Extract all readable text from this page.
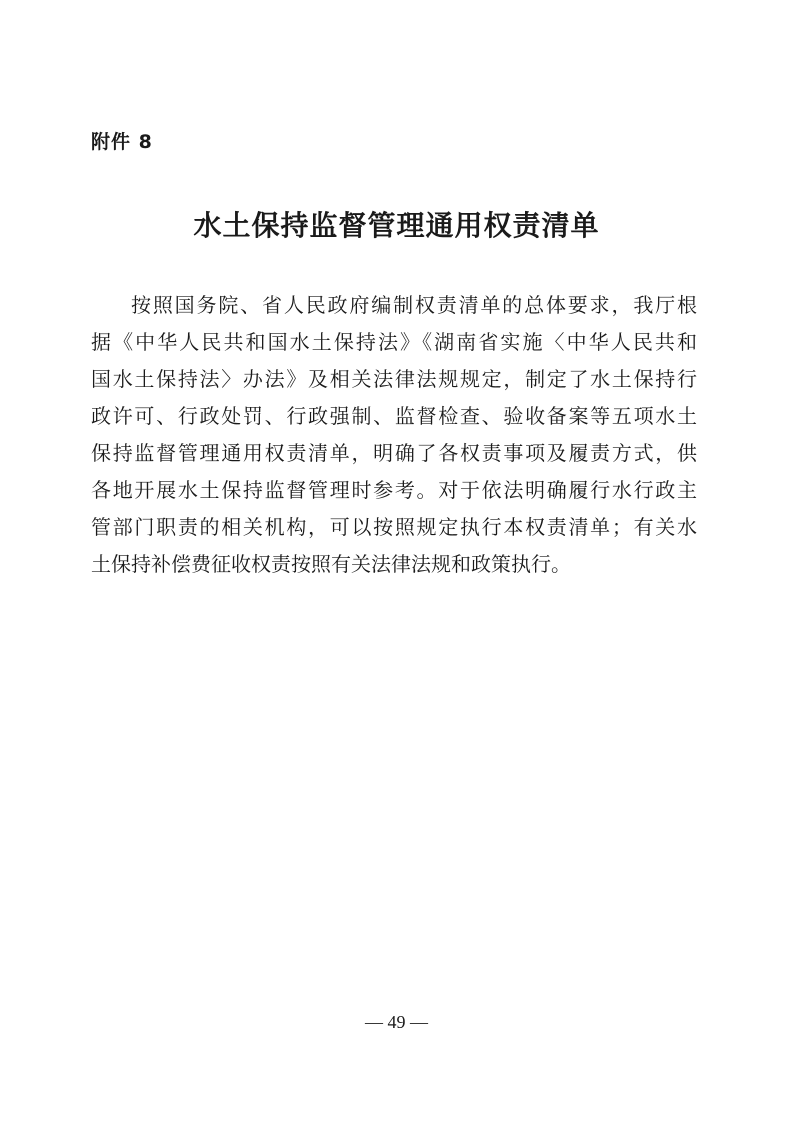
附件 8
水土保持监督管理通用权责清单
按照国务院、省人民政府编制权责清单的总体要求，我厅根
据《中华人民共和国水土保持法》《湖南省实施〈中华人民共和
国水土保持法〉办法》及相关法律法规规定，制定了水土保持行
政许可、行政处罚、行政强制、监督检查、验收备案等五项水土
保持监督管理通用权责清单，明确了各权责事项及履责方式，供
各地开展水土保持监督管理时参考。对于依法明确履行水行政主
管部门职责的相关机构，可以按照规定执行本权责清单；有关水
土保持补偿费征收权责按照有关法律法规和政策执行。
— 49 —
